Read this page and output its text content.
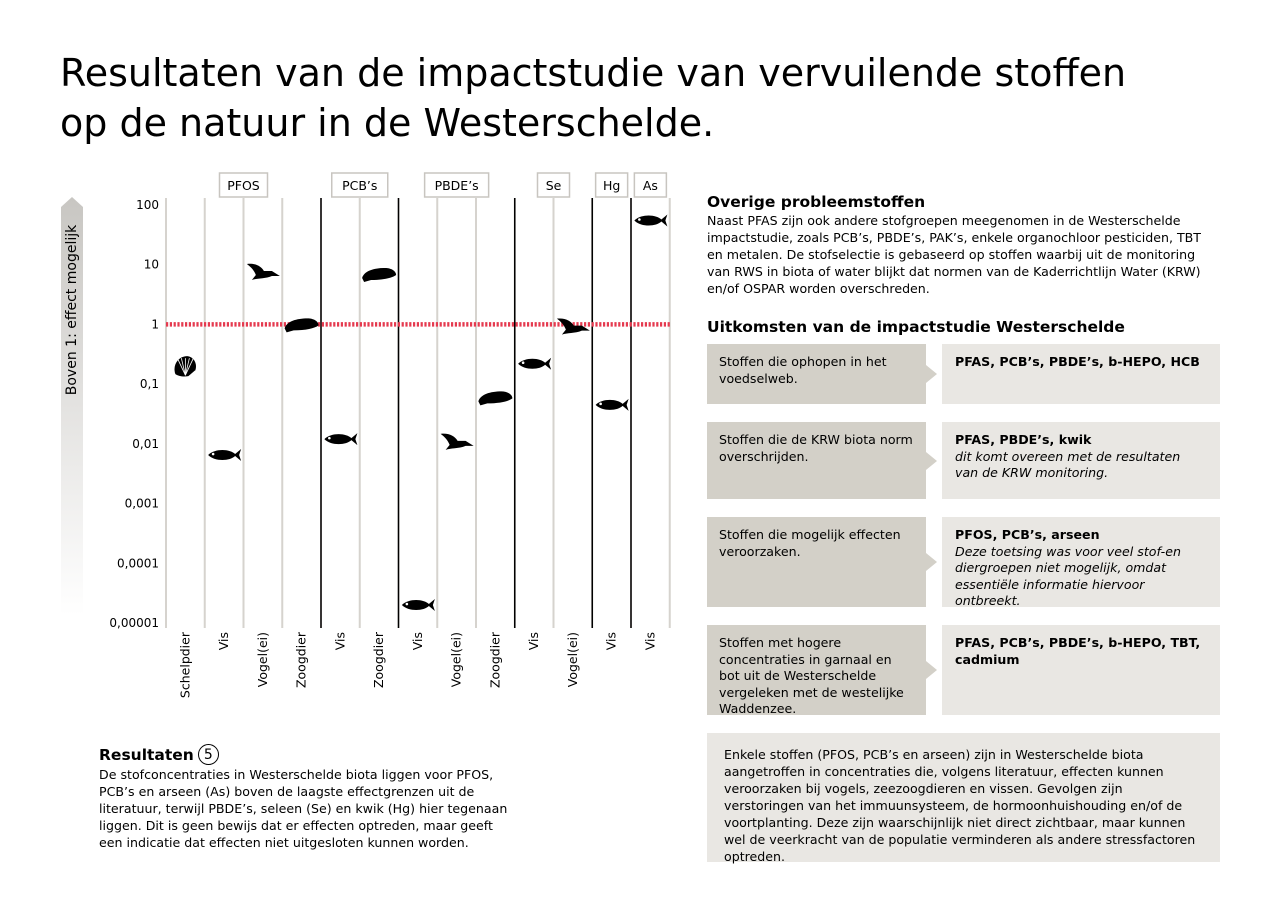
Resultaten van de impactstudie van vervuilende stoffen
op de natuur in de Westerschelde.
Boven 1: effect mogelijk
100
10
1
0,1
0,01
0,001
0,0001
0,00001
PFOS	PCB’s	PBDE’s	Se	Hg As
Schelpdier Vis Vogel(ei) Zoogdier Vis Zoogdier Vis Vogel(ei) Zoogdier Vis Vogel(ei) Vis Vis
Overige probleemstoffen

Naast PFAS zijn ook andere stofgroepen meegenomen in de Westerschelde impactstudie, zoals PCB’s, PBDE’s, PAK’s, enkele organochloor pesticiden, TBT en metalen. De stofselectie is gebaseerd op stoffen waarbij uit de monitoring van RWS in biota of water blijkt dat normen van de Kaderrichtlijn Water (KRW) en/of OSPAR worden overschreden.

Uitkomsten van de impactstudie Westerschelde
Stoffen die ophopen in het voedselweb.
PFAS, PCB’s, PBDE’s, b-HEPO, HCB
Stoffen die de KRW biota norm overschrijden.
PFAS, PBDE’s, kwik
dit komt overeen met de resultaten van de KRW monitoring.
Stoffen die mogelijk effecten veroorzaken.
PFOS, PCB’s, arseen
Deze toetsing was voor veel stof-en diergroepen niet mogelijk, omdat essentiële informatie hiervoor ontbreekt.
Stoffen met hogere concentraties in garnaal en bot uit de Westerschelde vergeleken met de westelijke Waddenzee.
PFAS, PCB’s, PBDE’s, b-HEPO, TBT, cadmium
Enkele stoffen (PFOS, PCB’s en arseen) zijn in Westerschelde biota aangetroffen in concentraties die, volgens literatuur, effecten kunnen veroorzaken bij vogels, zeezoogdieren en vissen. Gevolgen zijn verstoringen van het immuunsysteem, de hormoonhuishouding en/of de voortplanting. Deze zijn waarschijnlijk niet direct zichtbaar, maar kunnen wel de veerkracht van de populatie verminderen als andere stressfactoren optreden.
Resultaten 5
De stofconcentraties in Westerschelde biota liggen voor PFOS, PCB’s en arseen (As) boven de laagste effectgrenzen uit de literatuur, terwijl PBDE’s, seleen (Se) en kwik (Hg) hier tegenaan liggen. Dit is geen bewijs dat er effecten optreden, maar geeft een indicatie dat effecten niet uitgesloten kunnen worden.
